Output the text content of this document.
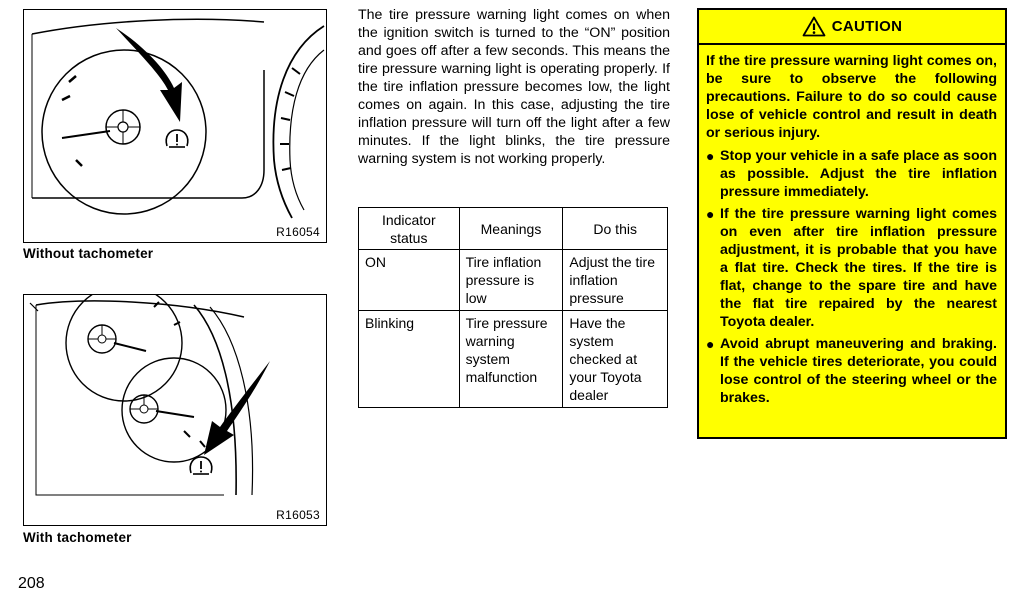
R16054
Without tachometer
R16053
With tachometer

The tire pressure warning light comes on when the ignition switch is turned to the “ON” position and goes off after a few seconds. This means the tire pressure warning light is operating properly. If the tire inflation pressure becomes low, the light comes on again. In this case, adjusting the tire inflation pressure will turn off the light after a few minutes. If the light blinks, the tire pressure warning system is not working properly.

Indicator status	Meanings	Do this
ON	Tire inflation pressure is low	Adjust the tire inflation pressure
Blinking	Tire pressure warning system malfunction	Have the system checked at your Toyota dealer
CAUTION

If the tire pressure warning light comes on, be sure to observe the following precautions. Failure to do so could cause lose of vehicle control and result in death or serious injury.

● Stop your vehicle in a safe place as soon as possible. Adjust the tire inflation pressure immediately.
● If the tire pressure warning light comes on even after tire inflation pressure adjustment, it is probable that you have a flat tire. Check the tires. If the tire is flat, change to the spare tire and have the flat tire repaired by the nearest Toyota dealer.
● Avoid abrupt maneuvering and braking. If the vehicle tires deteriorate, you could lose control of the steering wheel or the brakes.
208
